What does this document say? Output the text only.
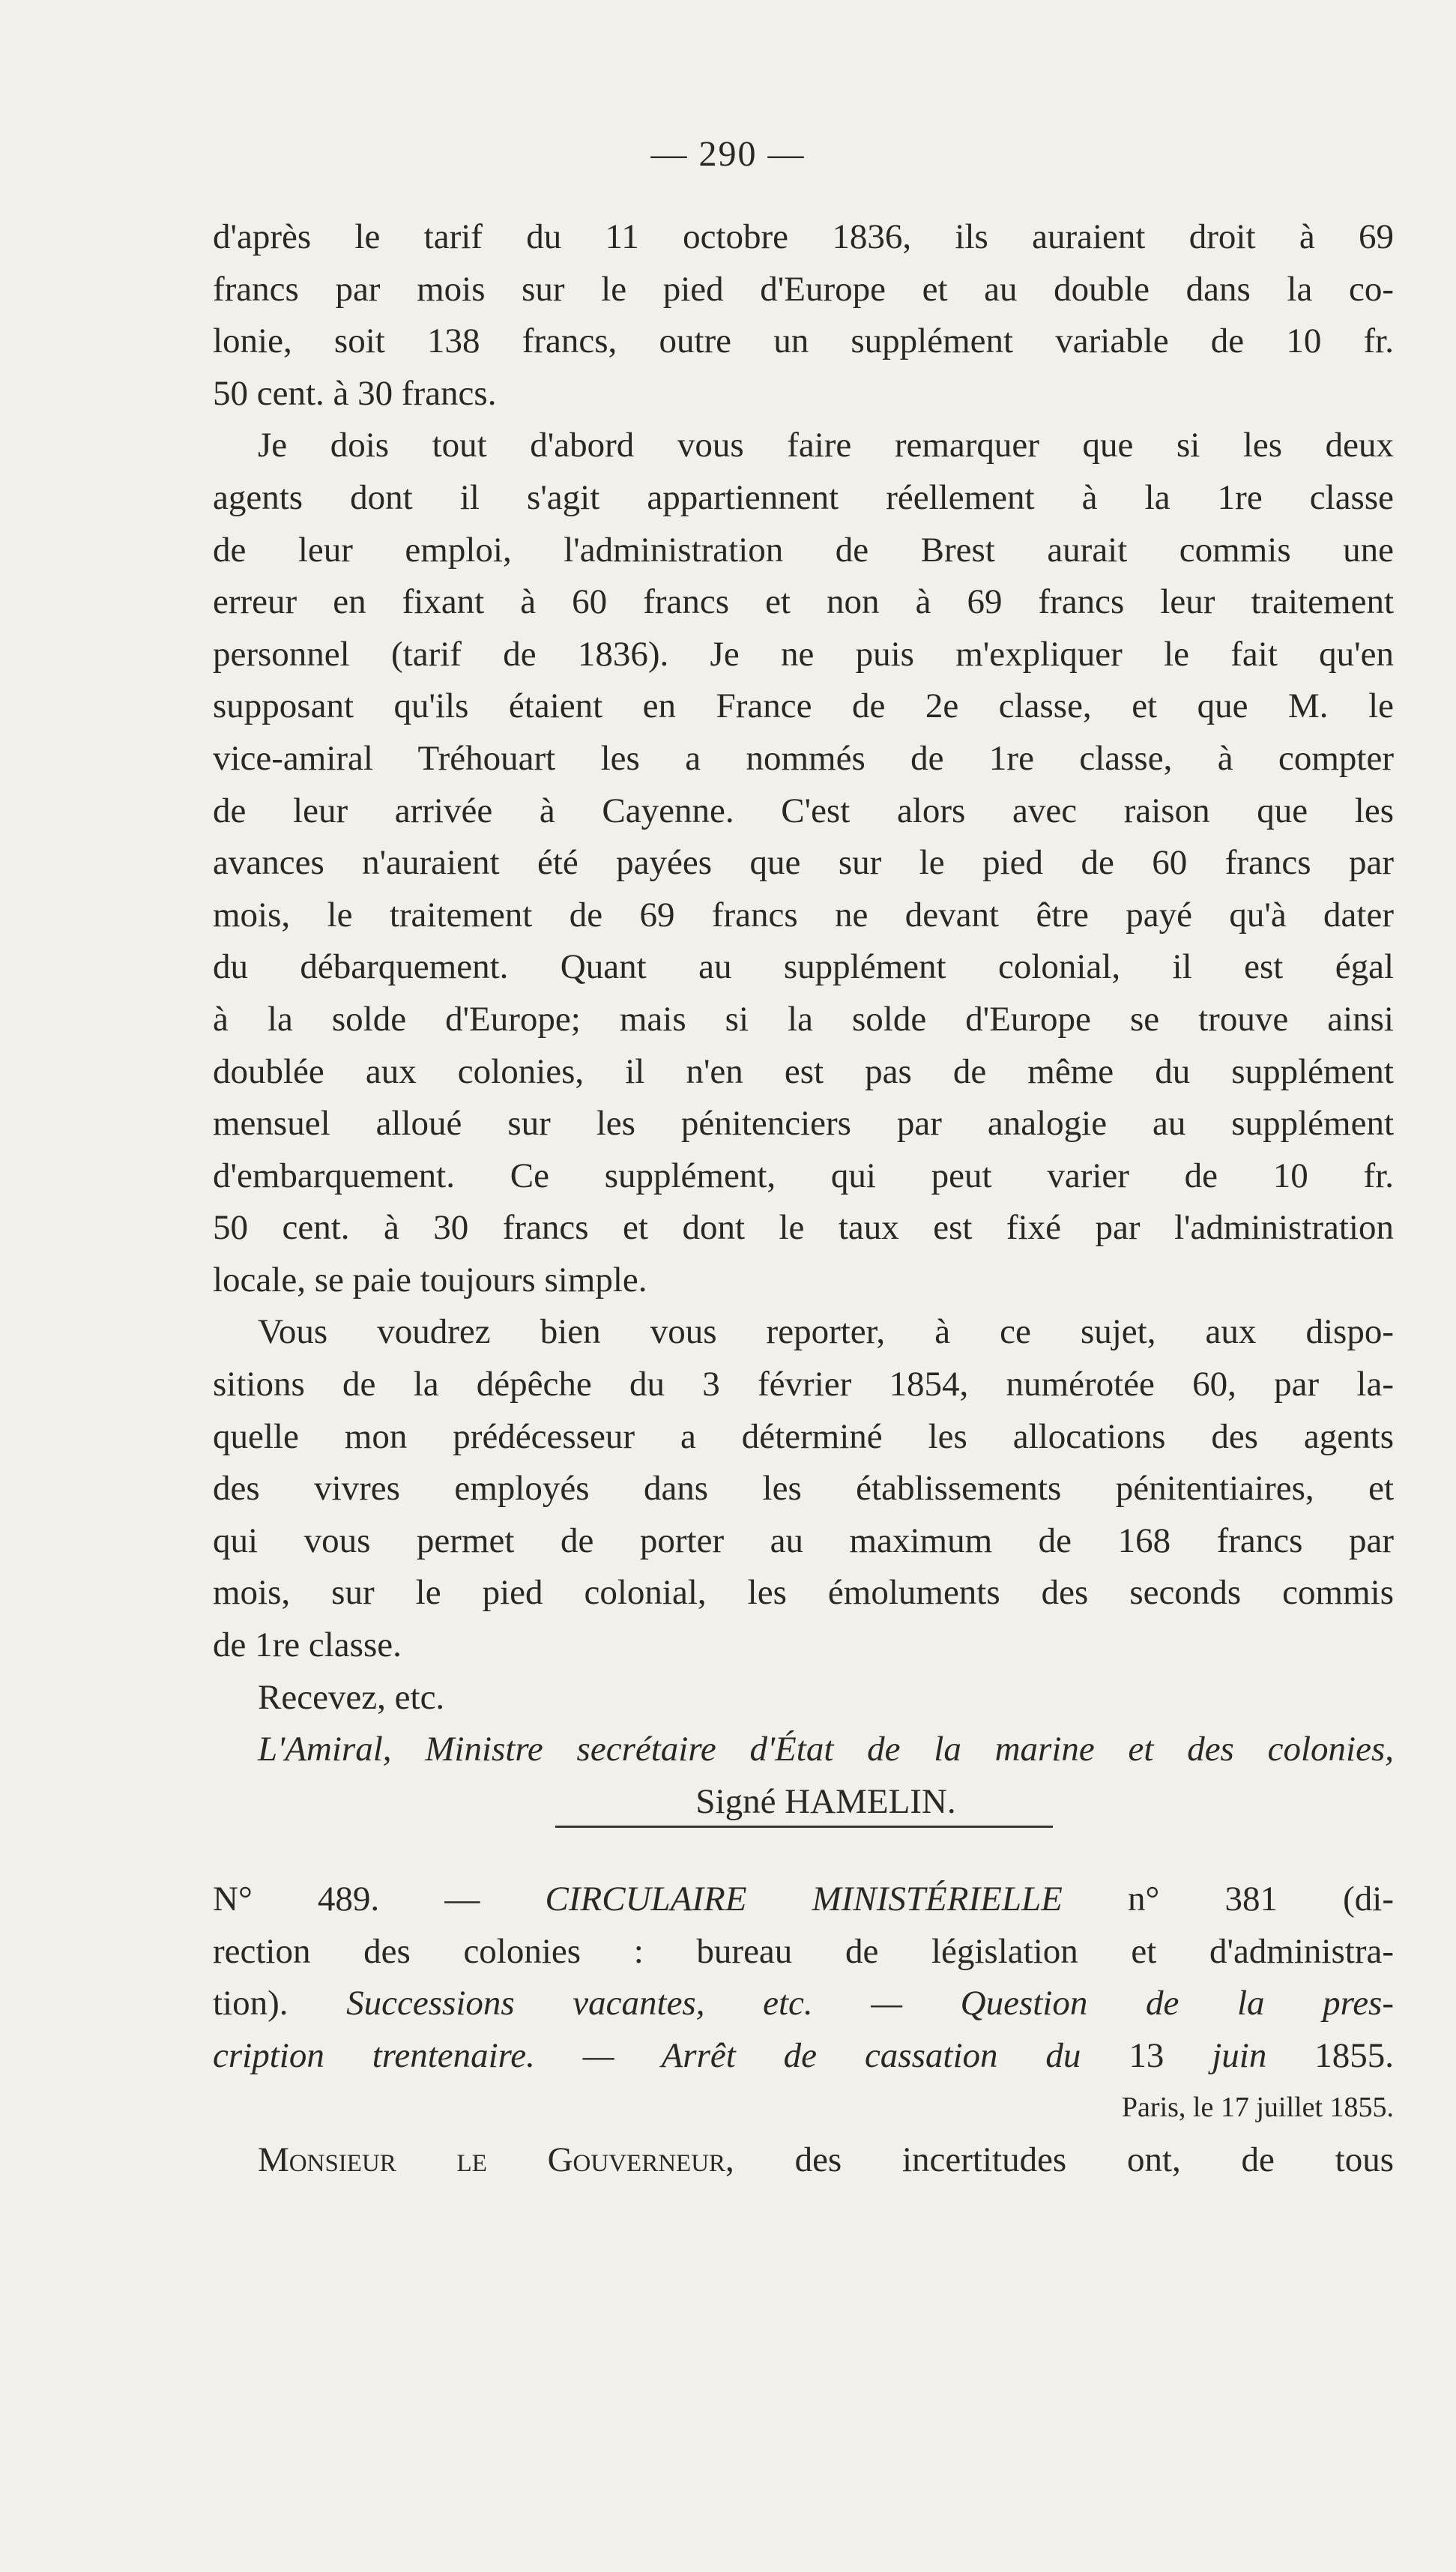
— 290 —
d'après le tarif du 11 octobre 1836, ils auraient droit à 69
francs par mois sur le pied d'Europe et au double dans la co-
lonie, soit 138 francs, outre un supplément variable de 10 fr.
50 cent. à 30 francs.
Je dois tout d'abord vous faire remarquer que si les deux
agents dont il s'agit appartiennent réellement à la 1re classe
de leur emploi, l'administration de Brest aurait commis une
erreur en fixant à 60 francs et non à 69 francs leur traitement
personnel (tarif de 1836). Je ne puis m'expliquer le fait qu'en
supposant qu'ils étaient en France de 2e classe, et que M. le
vice-amiral Tréhouart les a nommés de 1re classe, à compter
de leur arrivée à Cayenne. C'est alors avec raison que les
avances n'auraient été payées que sur le pied de 60 francs par
mois, le traitement de 69 francs ne devant être payé qu'à dater
du débarquement. Quant au supplément colonial, il est égal
à la solde d'Europe; mais si la solde d'Europe se trouve ainsi
doublée aux colonies, il n'en est pas de même du supplément
mensuel alloué sur les pénitenciers par analogie au supplément
d'embarquement. Ce supplément, qui peut varier de 10 fr.
50 cent. à 30 francs et dont le taux est fixé par l'administration
locale, se paie toujours simple.
Vous voudrez bien vous reporter, à ce sujet, aux dispo-
sitions de la dépêche du 3 février 1854, numérotée 60, par la-
quelle mon prédécesseur a déterminé les allocations des agents
des vivres employés dans les établissements pénitentiaires, et
qui vous permet de porter au maximum de 168 francs par
mois, sur le pied colonial, les émoluments des seconds commis
de 1re classe.
Recevez, etc.
L'Amiral, Ministre secrétaire d'État de la marine et des colonies,
Signé HAMELIN.
N° 489. — CIRCULAIRE MINISTÉRIELLE n° 381 (di-
rection des colonies : bureau de législation et d'administra-
tion). Successions vacantes, etc. — Question de la pres-
cription trentenaire. — Arrêt de cassation du 13 juin 1855.
Paris, le 17 juillet 1855.
Monsieur le Gouverneur, des incertitudes ont, de tous
